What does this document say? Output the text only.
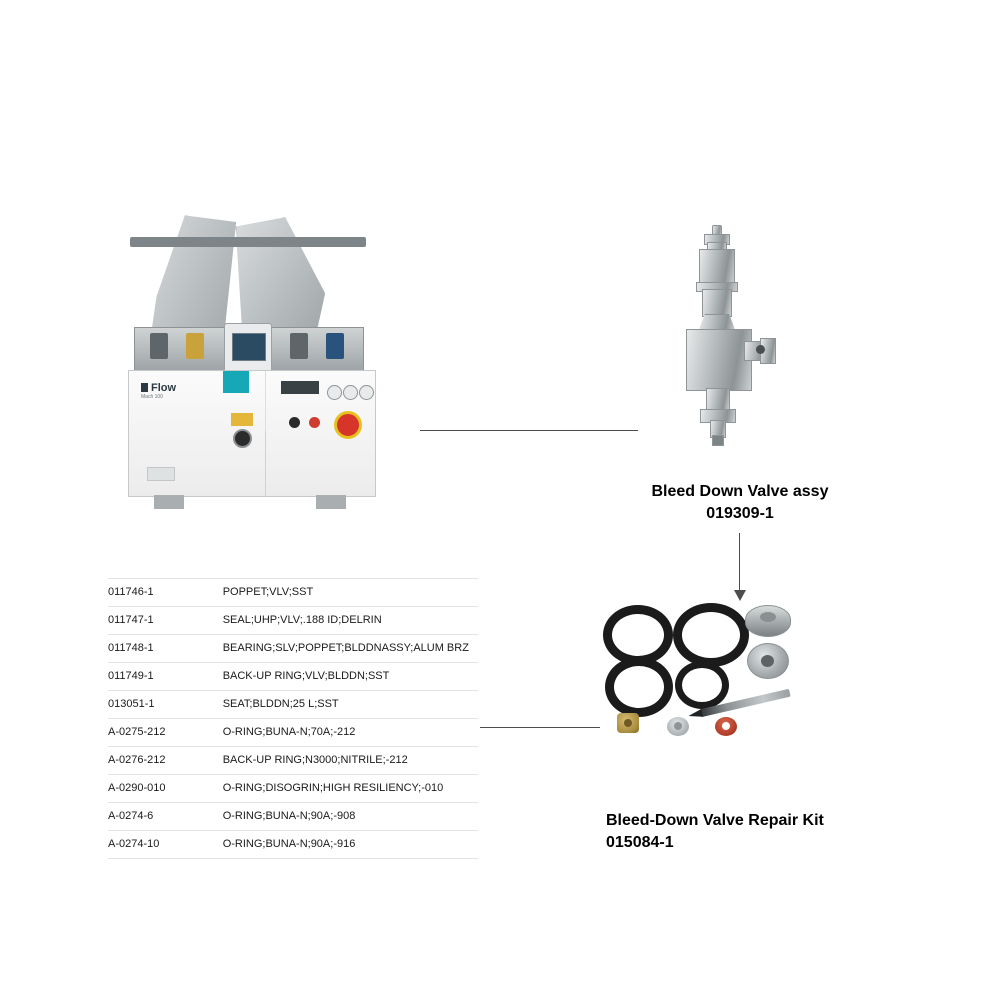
Flow
Mach 100
Bleed Down Valve assy
019309-1
Bleed-Down Valve Repair Kit
015084-1
011746-1	POPPET;VLV;SST
011747-1	SEAL;UHP;VLV;.188 ID;DELRIN
011748-1	BEARING;SLV;POPPET;BLDDNASSY;ALUM BRZ
011749-1	BACK-UP RING;VLV;BLDDN;SST
013051-1	SEAT;BLDDN;25 L;SST
A-0275-212	O-RING;BUNA-N;70A;-212
A-0276-212	BACK-UP RING;N3000;NITRILE;-212
A-0290-010	O-RING;DISOGRIN;HIGH RESILIENCY;-010
A-0274-6	O-RING;BUNA-N;90A;-908
A-0274-10	O-RING;BUNA-N;90A;-916
